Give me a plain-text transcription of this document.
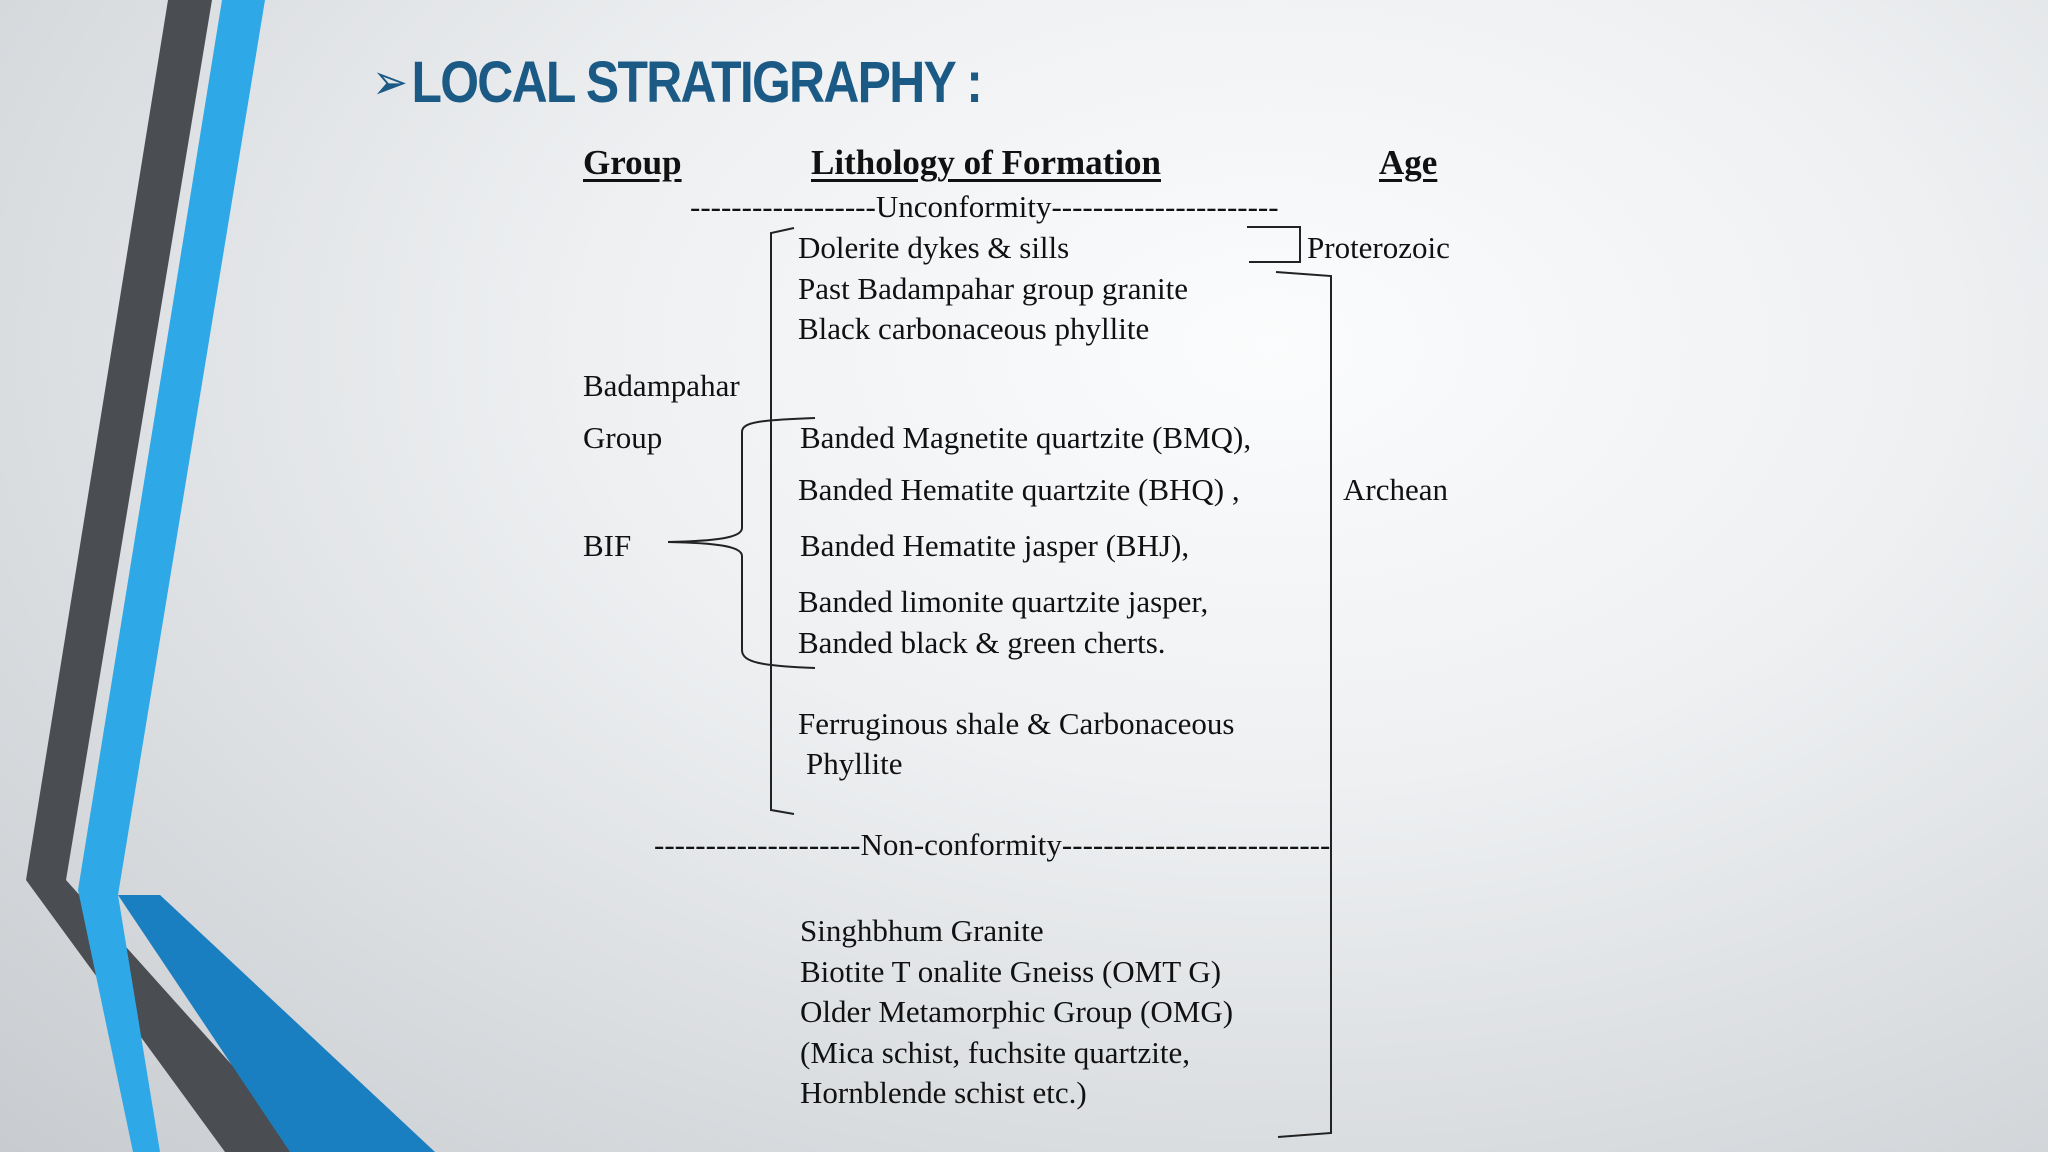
➢LOCAL STRATIGRAPHY :
Group	Lithology of Formation	Age
------------------Unconformity----------------------
Dolerite dykes & sills
Past Badampahar group granite
Black carbonaceous phyllite
Proterozoic
Archean
Badampahar
Group
BIF
Banded Magnetite quartzite (BMQ),
Banded Hematite quartzite (BHQ) ,
Banded Hematite jasper (BHJ),
Banded limonite quartzite jasper,
Banded black & green cherts.
Ferruginous shale & Carbonaceous
Phyllite
--------------------Non-conformity--------------------------
Singhbhum Granite
Biotite T onalite Gneiss (OMT G)
Older Metamorphic Group (OMG)
(Mica schist, fuchsite quartzite,
Hornblende schist etc.)
